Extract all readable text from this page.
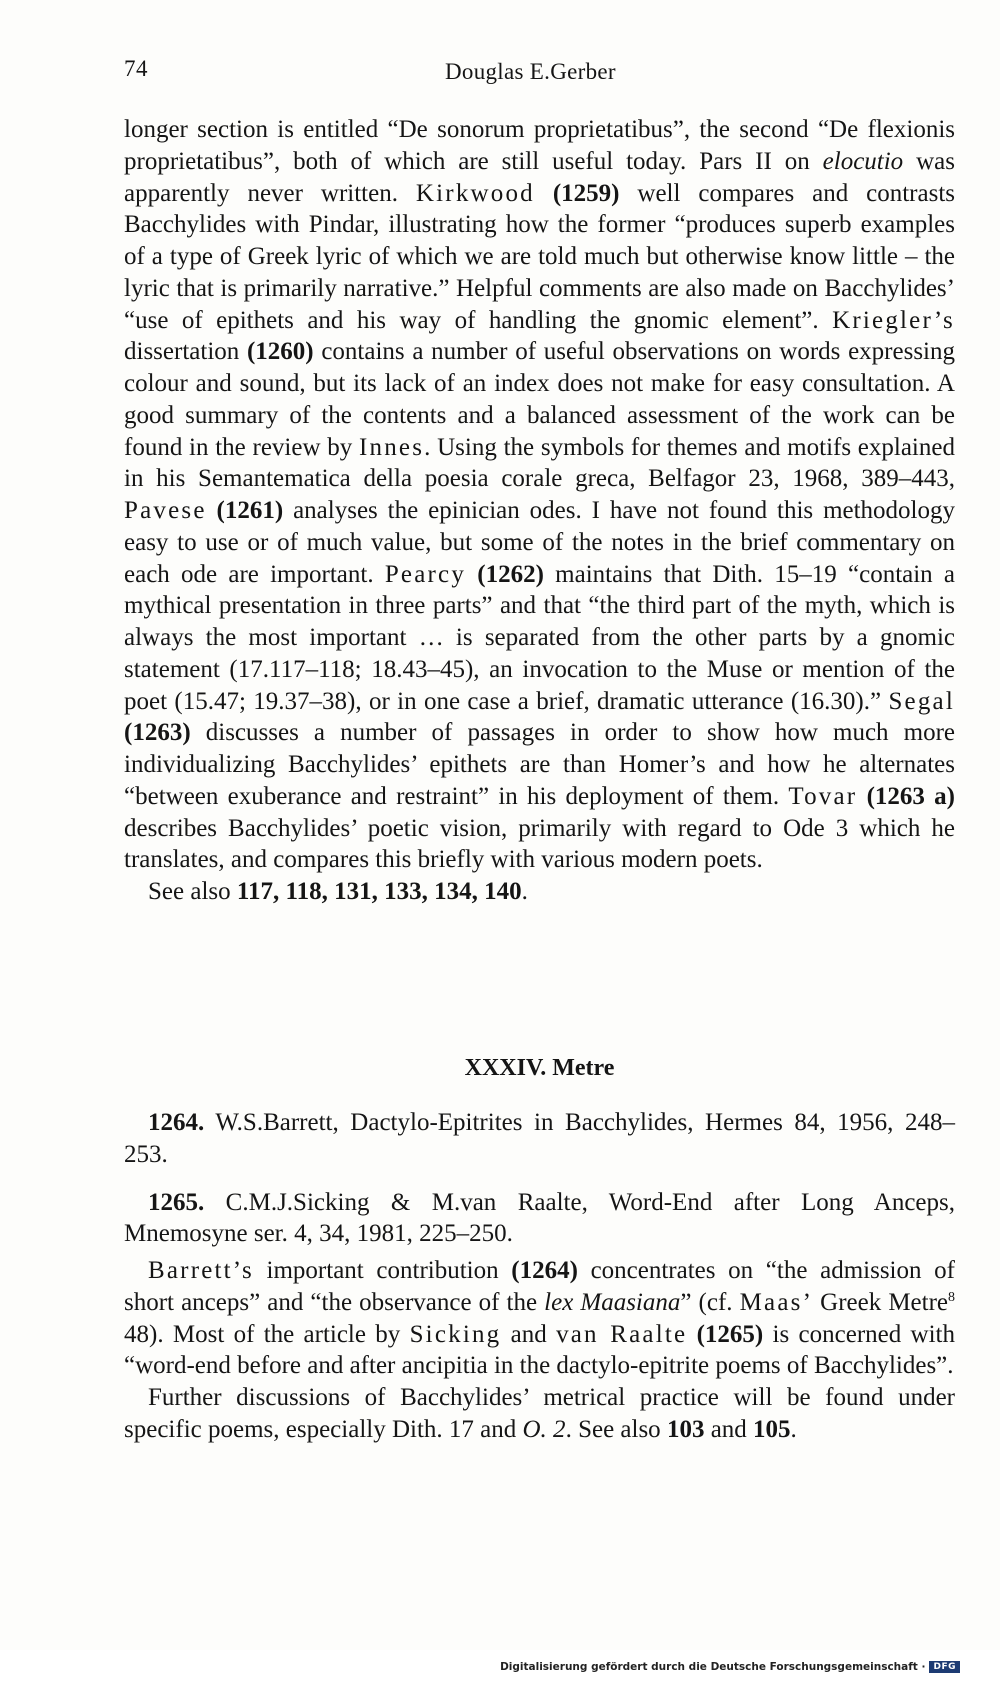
74	Douglas E.Gerber

longer section is entitled “De sonorum proprietatibus”, the second “De flexionis proprietatibus”, both of which are still useful today. Pars II on elocutio was apparently never written. Kirkwood (1259) well compares and contrasts Bacchylides with Pindar, illustrating how the former “produces superb examples of a type of Greek lyric of which we are told much but otherwise know little – the lyric that is primarily narrative.” Helpful comments are also made on Bacchylides’ “use of epithets and his way of handling the gnomic element”. Kriegler’s dissertation (1260) contains a number of useful observations on words expressing colour and sound, but its lack of an index does not make for easy consultation. A good summary of the contents and a balanced assessment of the work can be found in the review by Innes. Using the symbols for themes and motifs explained in his Semantematica della poesia corale greca, Belfagor 23, 1968, 389–443, Pavese (1261) analyses the epinician odes. I have not found this methodology easy to use or of much value, but some of the notes in the brief commentary on each ode are important. Pearcy (1262) maintains that Dith. 15–19 “contain a mythical presentation in three parts” and that “the third part of the myth, which is always the most important … is separated from the other parts by a gnomic statement (17.117–118; 18.43–45), an invocation to the Muse or mention of the poet (15.47; 19.37–38), or in one case a brief, dramatic utterance (16.30).” Segal (1263) discusses a number of passages in order to show how much more individualizing Bacchylides’ epithets are than Homer’s and how he alternates “between exuberance and restraint” in his deployment of them. Tovar (1263 a) describes Bacchylides’ poetic vision, primarily with regard to Ode 3 which he translates, and compares this briefly with various modern poets.

See also 117, 118, 131, 133, 134, 140.

XXXIV. Metre

1264. W.S.Barrett, Dactylo-Epitrites in Bacchylides, Hermes 84, 1956, 248–253.

1265. C.M.J.Sicking & M.van Raalte, Word-End after Long Anceps, Mnemosyne ser. 4, 34, 1981, 225–250.

Barrett’s important contribution (1264) concentrates on “the admission of short anceps” and “the observance of the lex Maasiana” (cf. Maas’ Greek Metre$^8$ 48). Most of the article by Sicking and van Raalte (1265) is concerned with “word-end before and after ancipitia in the dactylo-epitrite poems of Bacchylides”.

Further discussions of Bacchylides’ metrical practice will be found under specific poems, especially Dith. 17 and O. 2. See also 103 and 105.

Digitalisierung gefördert durch die Deutsche Forschungsgemeinschaft · DFG
